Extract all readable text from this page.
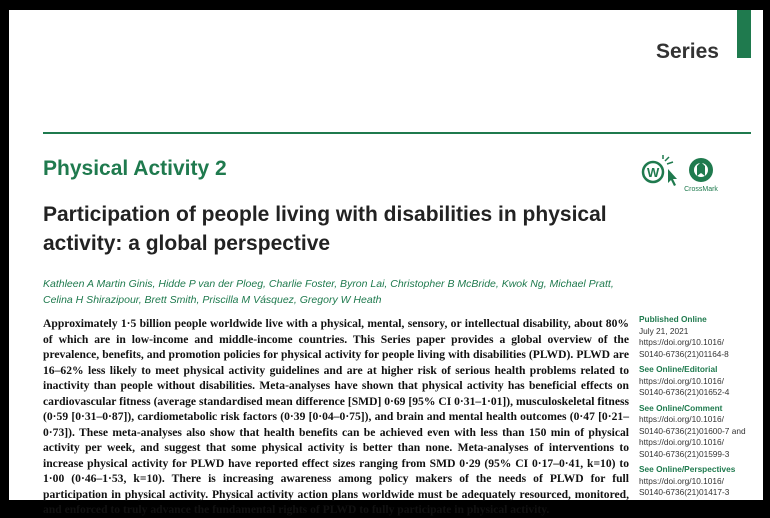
Series
Physical Activity 2	W
CrossMark
Participation of people living with disabilities in physical activity: a global perspective
Kathleen A Martin Ginis, Hidde P van der Ploeg, Charlie Foster, Byron Lai, Christopher B McBride, Kwok Ng, Michael Pratt, Celina H Shirazipour, Brett Smith, Priscilla M Vásquez, Gregory W Heath
Approximately 1·5 billion people worldwide live with a physical, mental, sensory, or intellectual disability, about 80% of which are in low-income and middle-income countries. This Series paper provides a global overview of the prevalence, benefits, and promotion policies for physical activity for people living with disabilities (PLWD). PLWD are 16–62% less likely to meet physical activity guidelines and are at higher risk of serious health problems related to inactivity than people without disabilities. Meta-analyses have shown that physical activity has beneficial effects on cardiovascular fitness (average standardised mean difference [SMD] 0·69 [95% CI 0·31–1·01]), musculoskeletal fitness (0·59 [0·31–0·87]), cardiometabolic risk factors (0·39 [0·04–0·75]), and brain and mental health outcomes (0·47 [0·21–0·73]). These meta-analyses also show that health benefits can be achieved even with less than 150 min of physical activity per week, and suggest that some physical activity is better than none. Meta-analyses of interventions to increase physical activity for PLWD have reported effect sizes ranging from SMD 0·29 (95% CI 0·17–0·41, k=10) to 1·00 (0·46–1·53, k=10). There is increasing awareness among policy makers of the needs of PLWD for full participation in physical activity. Physical activity action plans worldwide must be adequately resourced, monitored, and enforced to truly advance the fundamental rights of PLWD to fully participate in physical activity.
Published Online
July 21, 2021
https://doi.org/10.1016/
S0140-6736(21)01164-8
See Online/Editorial
https://doi.org/10.1016/
S0140-6736(21)01652-4
See Online/Comment
https://doi.org/10.1016/
S0140-6736(21)01600-7 and
https://doi.org/10.1016/
S0140-6736(21)01599-3
See Online/Perspectives
https://doi.org/10.1016/
S0140-6736(21)01417-3
